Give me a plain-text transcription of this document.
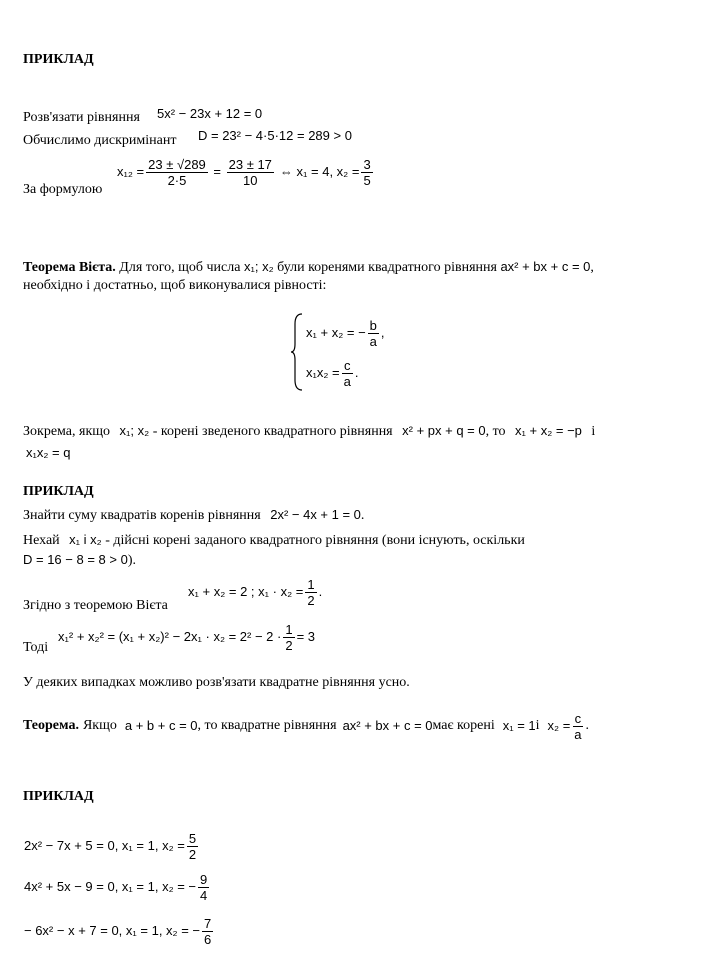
ПРИКЛАД
Розв'язати рівняння 5x² − 23x + 12 = 0
Обчислимо дискримінант D = 23² − 4·5·12 = 289 > 0
За формулою
$x_{12} = \frac{23 \pm √289}{2\cdot 5} = \frac{23 \pm 17}{10}$ ⇔ x₁ = 4, $x_2 = \frac{3}{5}$
Теорема Вієта. Для того, щоб числа x₁; x₂ були коренями квадратного рівняння ax² + bx + c = 0,
необхідно і достатньо, щоб виконувалися рівності:
x₁ + x₂ = − $\frac{b}{a}$ ,
$x_1x_2 = \frac{c}{a}$ .
Зокрема, якщо x₁; x₂ - корені зведеного квадратного рівняння x² + px + q = 0, то x₁ + x₂ = −p і
x₁x₂ = q
ПРИКЛАД
Знайти суму квадратів коренів рівняння 2x² − 4x + 1 = 0.
Нехай x₁ і x₂ - дійсні корені заданого квадратного рівняння (вони існують, оскільки
D = 16 − 8 = 8 > 0).
Згідно з теоремою Вієта
x₁ + x₂ = 2 ; $x_1 \cdot x_2 = \frac{1}{2}$ .
Тоді
$x_1^2 + x_2^2 = (x_1 + x_2)^2 - 2x_1 \cdot x_2 = 2^2 - 2 \cdot \frac{1}{2} = 3$
У деяких випадках можливо розв'язати квадратне рівняння усно.
Теорема. Якщо a + b + c = 0 , то квадратне рівняння ax² + bx + c = 0 має корені x₁ = 1 і $x_2 = \frac{c}{a}$ .
ПРИКЛАД
2x² − 7x + 5 = 0, x₁ = 1, $x_2 = \frac{5}{2}$
4x² + 5x − 9 = 0, x₁ = 1, x₂ = − $\frac{9}{4}$
− 6x² − x + 7 = 0, x₁ = 1, x₂ = − $\frac{7}{6}$
